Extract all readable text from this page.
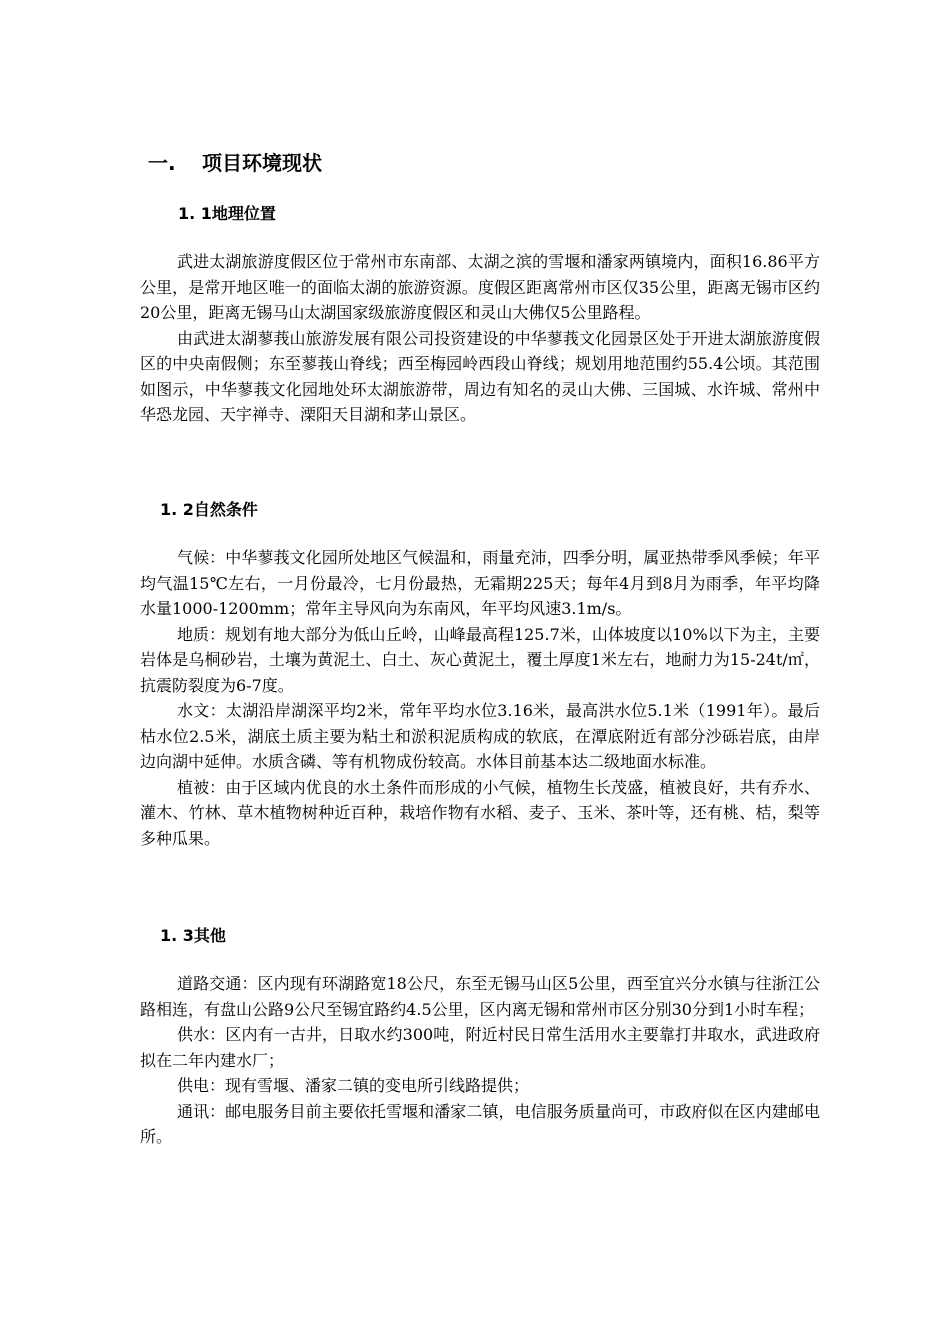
一. 项目环境现状
1. 1地理位置

武进太湖旅游度假区位于常州市东南部、太湖之滨的雪堰和潘家两镇境内，面积16.86平方公里，是常开地区唯一的面临太湖的旅游资源。度假区距离常州市区仅35公里，距离无锡市区约20公里，距离无锡马山太湖国家级旅游度假区和灵山大佛仅5公里路程。

由武进太湖蓼莪山旅游发展有限公司投资建设的中华蓼莪文化园景区处于开进太湖旅游度假区的中央南假侧；东至蓼莪山脊线；西至梅园岭西段山脊线；规划用地范围约55.4公顷。其范围如图示，中华蓼莪文化园地处环太湖旅游带，周边有知名的灵山大佛、三国城、水许城、常州中华恐龙园、天宇禅寺、溧阳天目湖和茅山景区。

1. 2自然条件

气候：中华蓼莪文化园所处地区气候温和，雨量充沛，四季分明，属亚热带季风季候；年平均气温15℃左右，一月份最冷，七月份最热，无霜期225天；每年4月到8月为雨季，年平均降水量1000-1200mm；常年主导风向为东南风，年平均风速3.1m/s。

地质：规划有地大部分为低山丘岭，山峰最高程125.7米，山体坡度以10%以下为主，主要岩体是乌桐砂岩，土壤为黄泥土、白土、灰心黄泥土，覆土厚度1米左右，地耐力为15-24t/㎡，抗震防裂度为6-7度。

水文：太湖沿岸湖深平均2米，常年平均水位3.16米，最高洪水位5.1米（1991年）。最后枯水位2.5米，湖底土质主要为粘土和淤积泥质构成的软底，在潭底附近有部分沙砾岩底，由岸边向湖中延伸。水质含磷、等有机物成份较高。水体目前基本达二级地面水标准。

植被：由于区域内优良的水土条件而形成的小气候，植物生长茂盛，植被良好，共有乔水、灌木、竹林、草木植物树种近百种，栽培作物有水稻、麦子、玉米、茶叶等，还有桃、桔，梨等多种瓜果。

1. 3其他

道路交通：区内现有环湖路宽18公尺，东至无锡马山区5公里，西至宜兴分水镇与往浙江公路相连，有盘山公路9公尺至锡宜路约4.5公里，区内离无锡和常州市区分别30分到1小时车程；

供水：区内有一古井，日取水约300吨，附近村民日常生活用水主要靠打井取水，武进政府拟在二年内建水厂；

供电：现有雪堰、潘家二镇的变电所引线路提供；

通讯：邮电服务目前主要依托雪堰和潘家二镇，电信服务质量尚可，市政府似在区内建邮电所。
